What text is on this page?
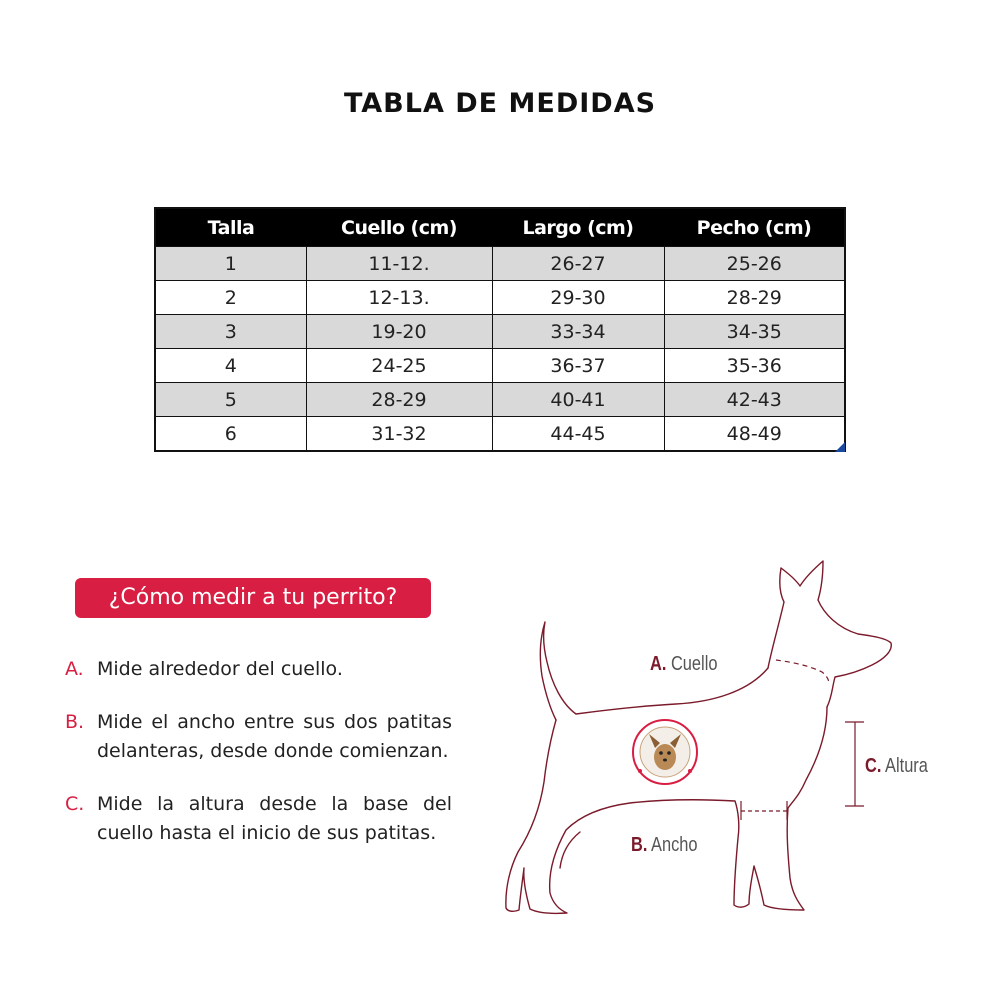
TABLA DE MEDIDAS
Talla	Cuello (cm)	Largo (cm)	Pecho (cm)
1	11-12.	26-27	25-26
2	12-13.	29-30	28-29
3	19-20	33-34	34-35
4	24-25	36-37	35-36
5	28-29	40-41	42-43
6	31-32	44-45	48-49
¿Cómo medir a tu perrito?
A. Mide alrededor del cuello.
B. Mide el ancho entre sus dos patitas delanteras, desde donde comienzan.
C. Mide la altura desde la base del cuello hasta el inicio de sus patitas.
A. Cuello
C. Altura
B. Ancho
